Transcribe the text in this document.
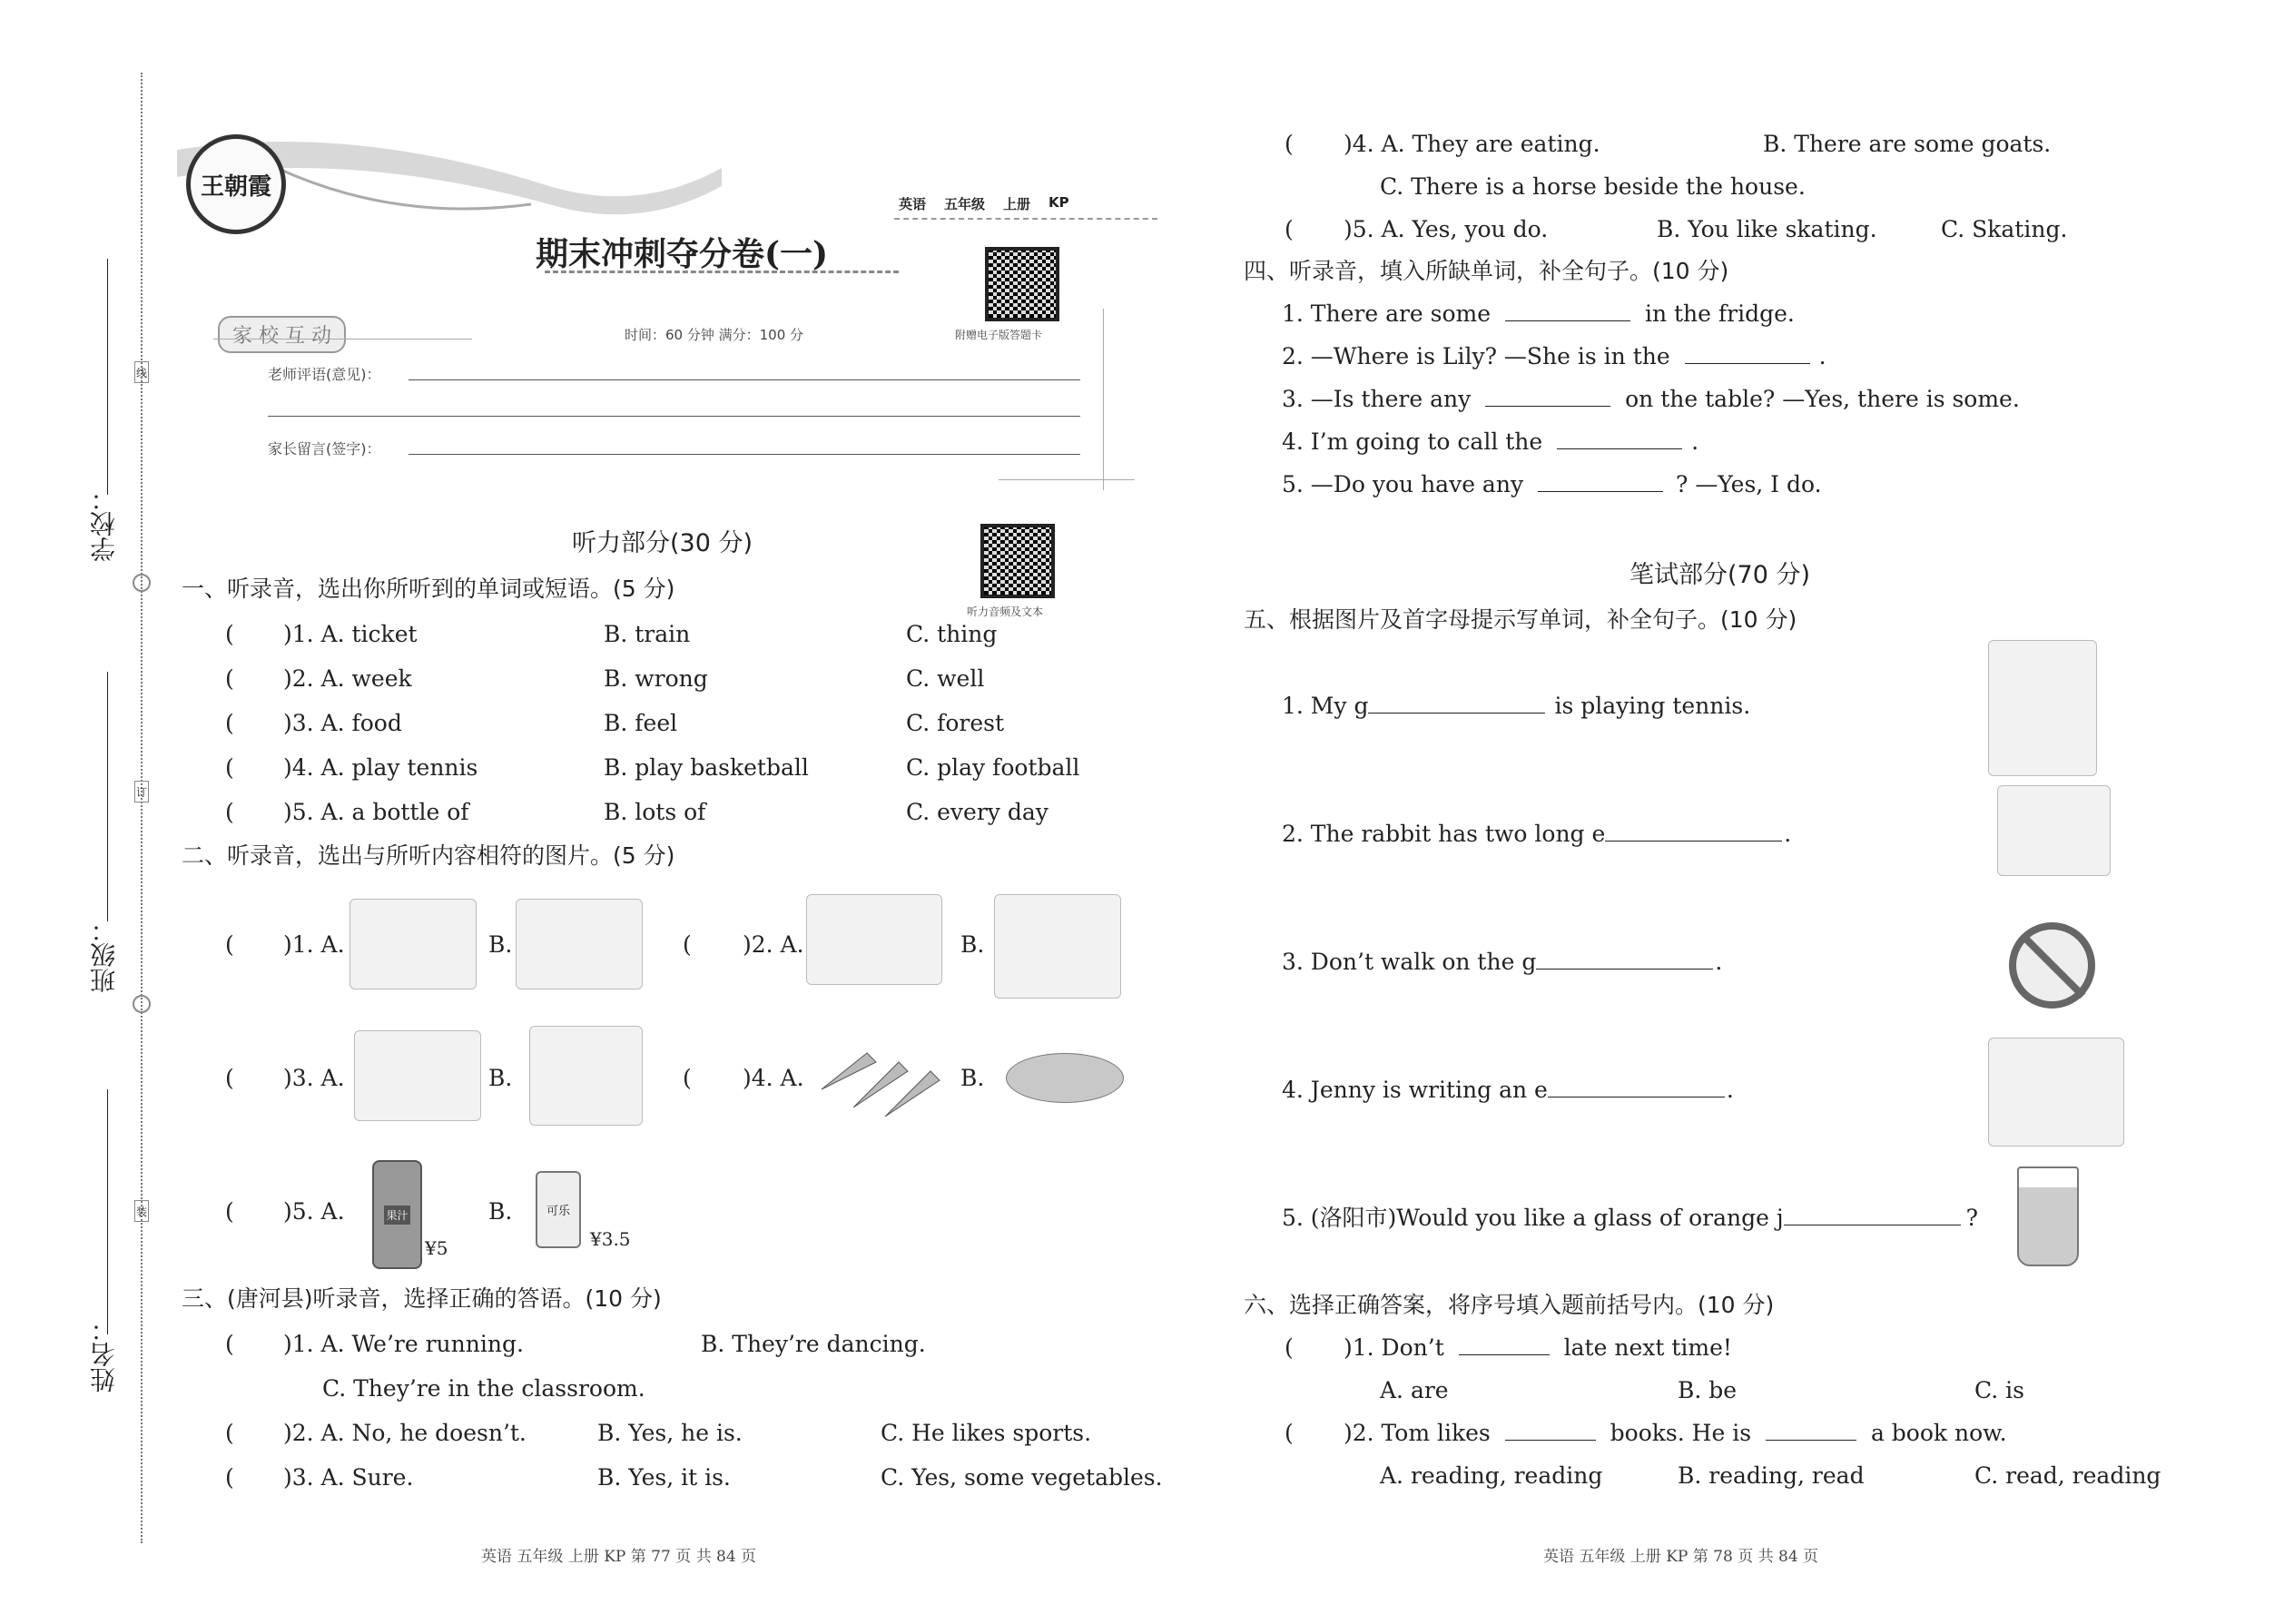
学校：
班级：
姓名：
线
订
装
王朝霞
英语 五年级 上册 KP
期末冲刺夺分卷(一)
附赠电子版答题卡
家 校 互 动	时间：60 分钟 满分：100 分
老师评语(意见)：
家长留言(签字)：
听力部分(30 分)
听力音频及文本
一、听录音，选出你所听到的单词或短语。(5 分)
( )1. A. ticket	B. train	C. thing
( )2. A. week	B. wrong	C. well
( )3. A. food	B. feel	C. forest
( )4. A. play tennis	B. play basketball	C. play football
( )5. A. a bottle of	B. lots of	C. every day
二、听录音，选出与所听内容相符的图片。(5 分)
( )1. A.	B.	( )2. A.	B.
( )3. A.	B.	( )4. A.	B.
( )5. A.	果汁
¥5
B.	可乐
¥3.5
三、(唐河县)听录音，选择正确的答语。(10 分)
( )1. A. We’re running.	B. They’re dancing.
C. They’re in the classroom.
( )2. A. No, he doesn’t.	B. Yes, he is.	C. He likes sports.
( )3. A. Sure.	B. Yes, it is.	C. Yes, some vegetables.
英语 五年级 上册 KP 第 77 页 共 84 页
( )4. A. They are eating.	B. There are some goats.
C. There is a horse beside the house.
( )5. A. Yes, you do.	B. You like skating.	C. Skating.
四、听录音，填入所缺单词，补全句子。(10 分)
1. There are some	in the fridge.
2. —Where is Lily? —She is in the	.
3. —Is there any	on the table? —Yes, there is some.
4. I’m going to call the	.
5. —Do you have any	? —Yes, I do.
笔试部分(70 分)
五、根据图片及首字母提示写单词，补全句子。(10 分)
1. My g	is playing tennis.
2. The rabbit has two long e	.
3. Don’t walk on the g	.
4. Jenny is writing an e	.
5. (洛阳市)Would you like a glass of orange j	?
六、选择正确答案，将序号填入题前括号内。(10 分)
( )1. Don’t	late next time!
A. are	B. be	C. is
( )2. Tom likes	books. He is	a book now.
A. reading, reading	B. reading, read	C. read, reading
英语 五年级 上册 KP 第 78 页 共 84 页
